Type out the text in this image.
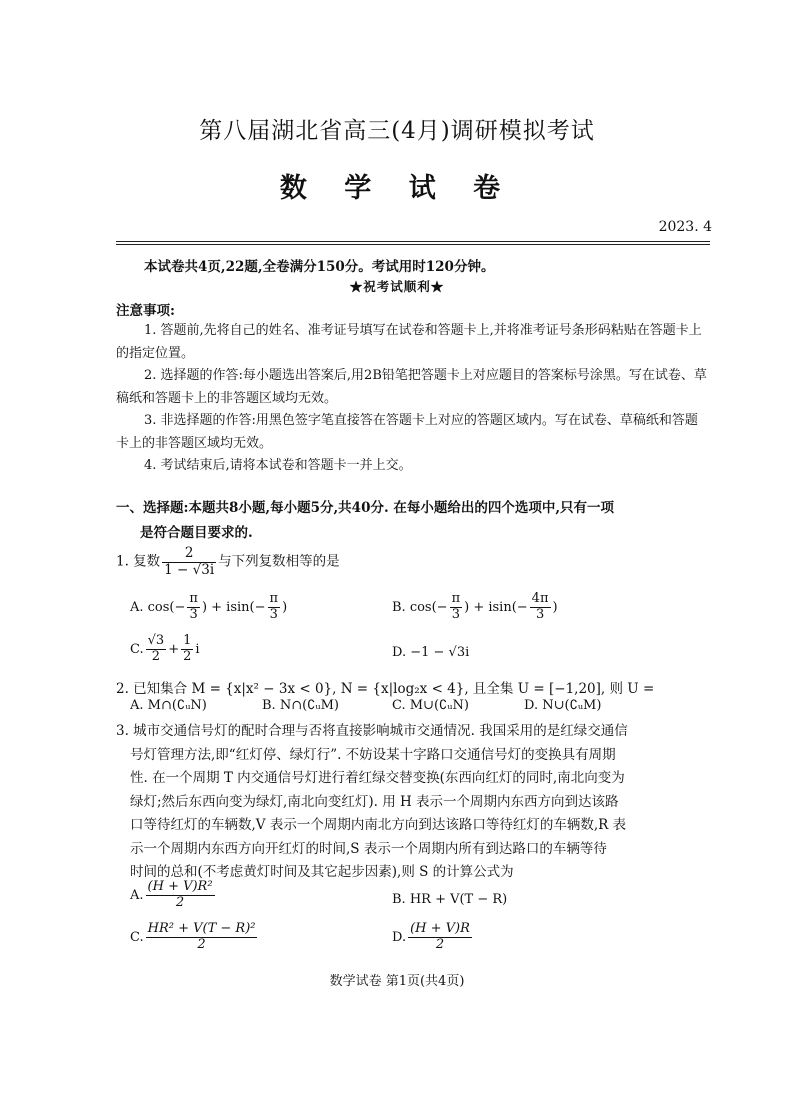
第八届湖北省高三(4月)调研模拟考试
数 学 试 卷
2023. 4
本试卷共4页,22题,全卷满分150分。考试用时120分钟。
★祝考试顺利★
注意事项:
1. 答题前,先将自己的姓名、准考证号填写在试卷和答题卡上,并将准考证号条形码粘贴在答题卡上的指定位置。
2. 选择题的作答:每小题选出答案后,用2B铅笔把答题卡上对应题目的答案标号涂黑。写在试卷、草稿纸和答题卡上的非答题区域均无效。
3. 非选择题的作答:用黑色签字笔直接答在答题卡上对应的答题区域内。写在试卷、草稿纸和答题卡上的非答题区域均无效。
4. 考试结束后,请将本试卷和答题卡一并上交。
一、选择题:本题共8小题,每小题5分,共40分. 在每小题给出的四个选项中,只有一项
是符合题目要求的.
1. 复数 $\frac{2}{1 - √3i}$ 与下列复数相等的是
A. $\cos(- \frac{\pi}{3}$ ) + $isin(- \frac{\pi}{3}$ )	B. $\cos(- \frac{\pi}{3}$ ) + $isin(- \frac{4\pi}{3}$ )
C. $\frac{√3}{2} + \frac{1}{2}$ i	D. −1 − √3i
2. 已知集合 M = {x|x² − 3x < 0}, N = {x|log₂x < 4}, 且全集 U = [−1,20], 则 U =
A. M∩(∁ᵤN)	B. N∩(∁ᵤM)	C. M∪(∁ᵤN)	D. N∪(∁ᵤM)
3. 城市交通信号灯的配时合理与否将直接影响城市交通情况. 我国采用的是红绿交通信
号灯管理方法,即“红灯停、绿灯行”. 不妨设某十字路口交通信号灯的变换具有周期
性. 在一个周期 T 内交通信号灯进行着红绿交替变换(东西向红灯的同时,南北向变为
绿灯;然后东西向变为绿灯,南北向变红灯). 用 H 表示一个周期内东西方向到达该路
口等待红灯的车辆数,V 表示一个周期内南北方向到达该路口等待红灯的车辆数,R 表
示一个周期内东西方向开红灯的时间,S 表示一个周期内所有到达路口的车辆等待
时间的总和(不考虑黄灯时间及其它起步因素),则 S 的计算公式为
A. $\frac{\text{(H + V)R²}}{2}$	B. HR + V(T − R)
C. $\frac{\text{HR² + V(T − R)²}}{2}$	D. $\frac{(H + V)R}{2}$
数学试卷 第1页(共4页)
